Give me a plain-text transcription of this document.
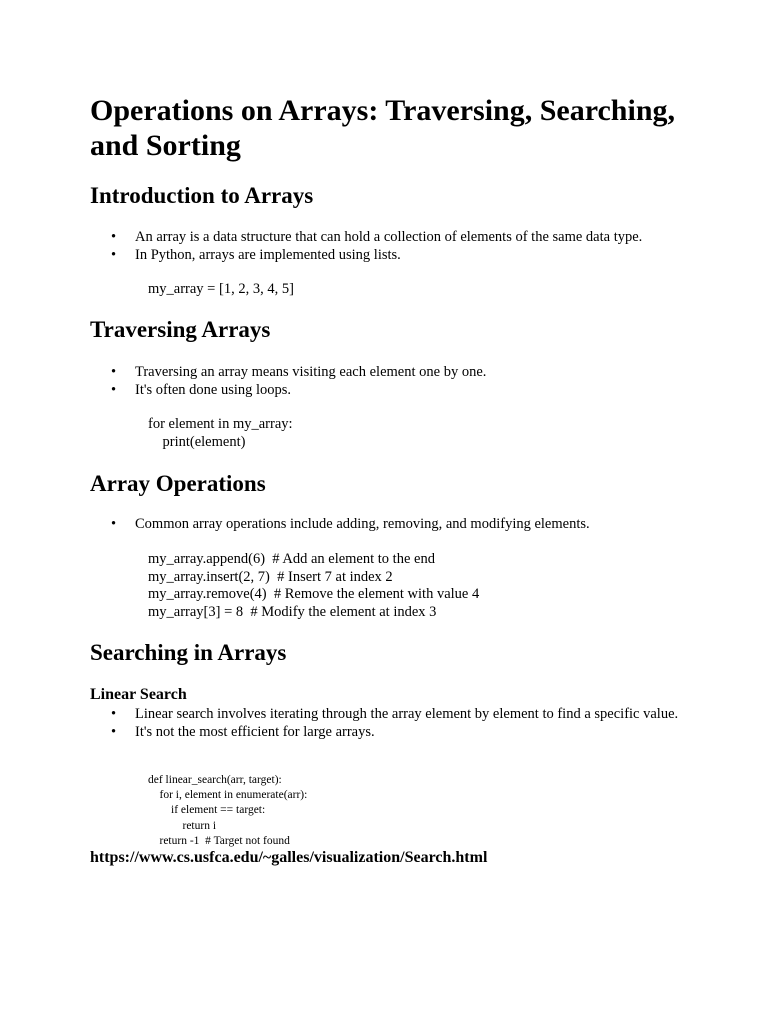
Operations on Arrays: Traversing, Searching, and Sorting
Introduction to Arrays
• An array is a data structure that can hold a collection of elements of the same data type.
• In Python, arrays are implemented using lists.
my_array = [1, 2, 3, 4, 5]
Traversing Arrays
• Traversing an array means visiting each element one by one.
• It's often done using loops.
for element in my_array:
print(element)
Array Operations
• Common array operations include adding, removing, and modifying elements.
my_array.append(6)  # Add an element to the end
my_array.insert(2, 7)  # Insert 7 at index 2
my_array.remove(4)  # Remove the element with value 4
my_array[3] = 8  # Modify the element at index 3
Searching in Arrays
Linear Search
• Linear search involves iterating through the array element by element to find a specific value.
• It's not the most efficient for large arrays.
def linear_search(arr, target):
for i, element in enumerate(arr):
if element == target:
return i
return -1  # Target not found
https://www.cs.usfca.edu/~galles/visualization/Search.html
